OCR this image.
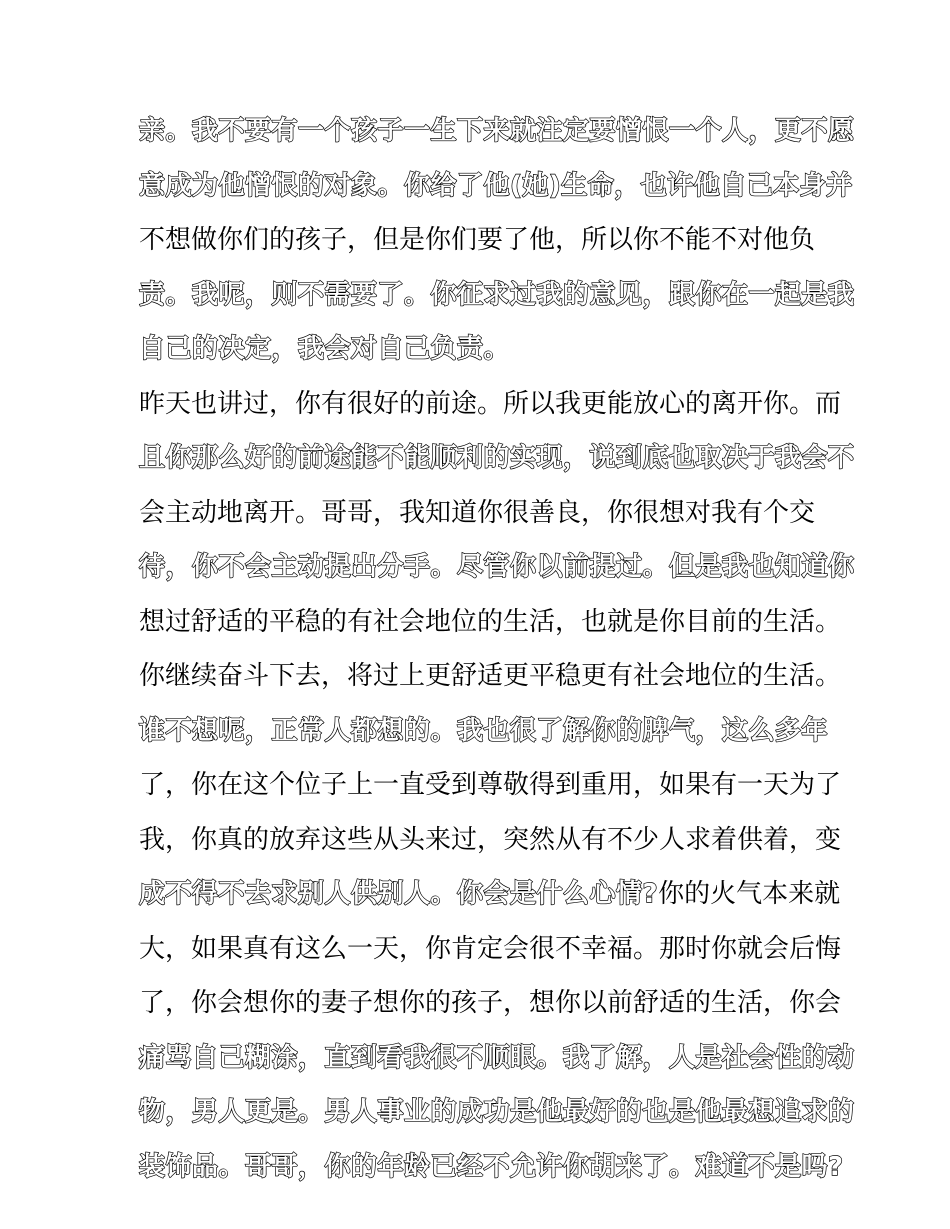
亲。我不要有一个孩子一生下来就注定要憎恨一个人，更不愿
意成为他憎恨的对象。你给了他(她)生命，也许他自己本身并
不想做你们的孩子，但是你们要了他，所以你不能不对他负
责。我呢，则不需要了。你征求过我的意见，跟你在一起是我
自己的决定，我会对自己负责。
昨天也讲过，你有很好的前途。所以我更能放心的离开你。而
且你那么好的前途能不能顺利的实现，说到底也取决于我会不
会主动地离开。哥哥，我知道你很善良，你很想对我有个交
待，你不会主动提出分手。尽管你以前提过。但是我也知道你
想过舒适的平稳的有社会地位的生活，也就是你目前的生活。
你继续奋斗下去，将过上更舒适更平稳更有社会地位的生活。
谁不想呢，正常人都想的。我也很了解你的脾气，这么多年
了，你在这个位子上一直受到尊敬得到重用，如果有一天为了
我，你真的放弃这些从头来过，突然从有不少人求着供着，变
成不得不去求别人供别人。你会是什么心情?你的火气本来就
大，如果真有这么一天，你肯定会很不幸福。那时你就会后悔
了，你会想你的妻子想你的孩子，想你以前舒适的生活，你会
痛骂自己糊涂，直到看我很不顺眼。我了解，人是社会性的动
物，男人更是。男人事业的成功是他最好的也是他最想追求的
装饰品。哥哥，你的年龄已经不允许你胡来了。难道不是吗?
